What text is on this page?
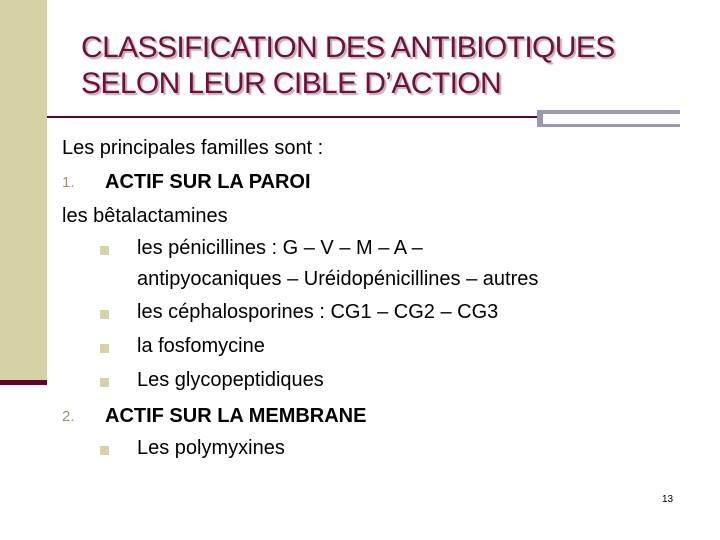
CLASSIFICATION DES ANTIBIOTIQUES
SELON LEUR CIBLE D’ACTION
Les principales familles sont :
1. ACTIF SUR LA PAROI
les bêtalactamines
les pénicillines : G – V – M – A –
antipyocaniques – Uréidopénicillines – autres
les céphalosporines : CG1 – CG2 – CG3
la fosfomycine
Les glycopeptidiques
2. ACTIF SUR LA MEMBRANE
Les polymyxines
13
